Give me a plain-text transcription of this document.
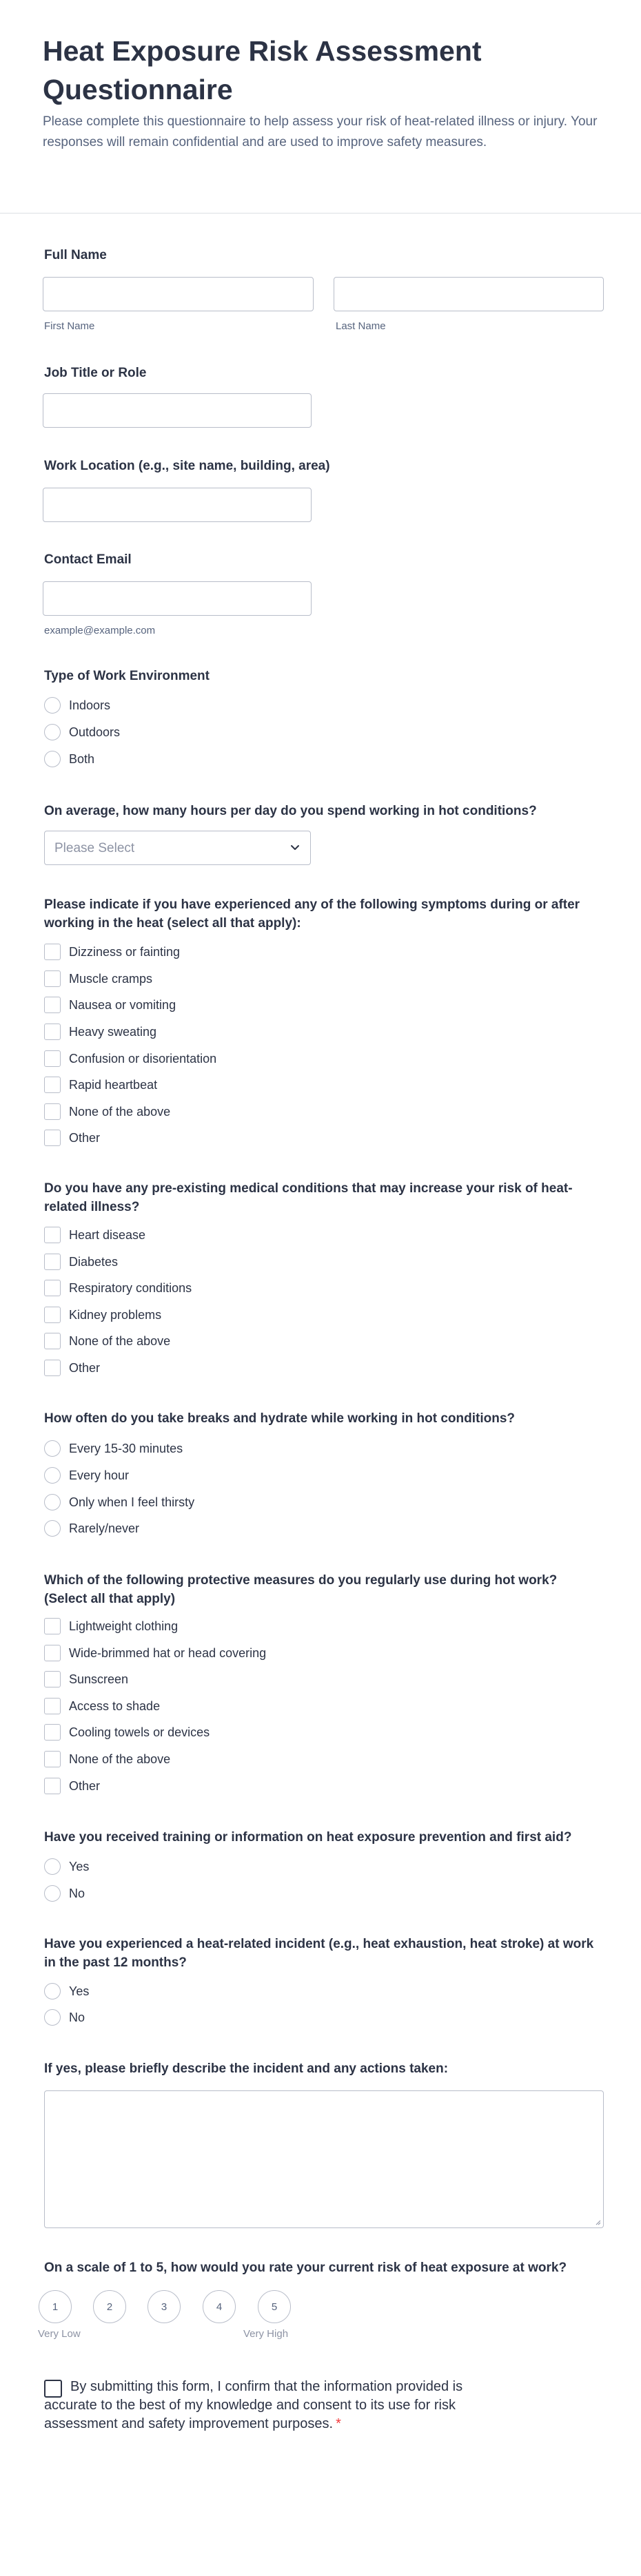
Heat Exposure Risk Assessment Questionnaire
Please complete this questionnaire to help assess your risk of heat-related illness or injury. Your responses will remain confidential and are used to improve safety measures.
Full Name
First Name	Last Name
Job Title or Role
Work Location (e.g., site name, building, area)
Contact Email
example@example.com
Type of Work Environment
Indoors
Outdoors
Both
On average, how many hours per day do you spend working in hot conditions?
Please Select
Please indicate if you have experienced any of the following symptoms during or after working in the heat (select all that apply):
Dizziness or fainting
Muscle cramps
Nausea or vomiting
Heavy sweating
Confusion or disorientation
Rapid heartbeat
None of the above
Other
Do you have any pre-existing medical conditions that may increase your risk of heat-related illness?
Heart disease
Diabetes
Respiratory conditions
Kidney problems
None of the above
Other
How often do you take breaks and hydrate while working in hot conditions?
Every 15-30 minutes
Every hour
Only when I feel thirsty
Rarely/never
Which of the following protective measures do you regularly use during hot work? (Select all that apply)
Lightweight clothing
Wide-brimmed hat or head covering
Sunscreen
Access to shade
Cooling towels or devices
None of the above
Other
Have you received training or information on heat exposure prevention and first aid?
Yes
No
Have you experienced a heat-related incident (e.g., heat exhaustion, heat stroke) at work in the past 12 months?
Yes
No
If yes, please briefly describe the incident and any actions taken:
On a scale of 1 to 5, how would you rate your current risk of heat exposure at work?
1	2	3	4	5
Very Low	Very High
By submitting this form, I confirm that the information provided is accurate to the best of my knowledge and consent to its use for risk assessment and safety improvement purposes. *
